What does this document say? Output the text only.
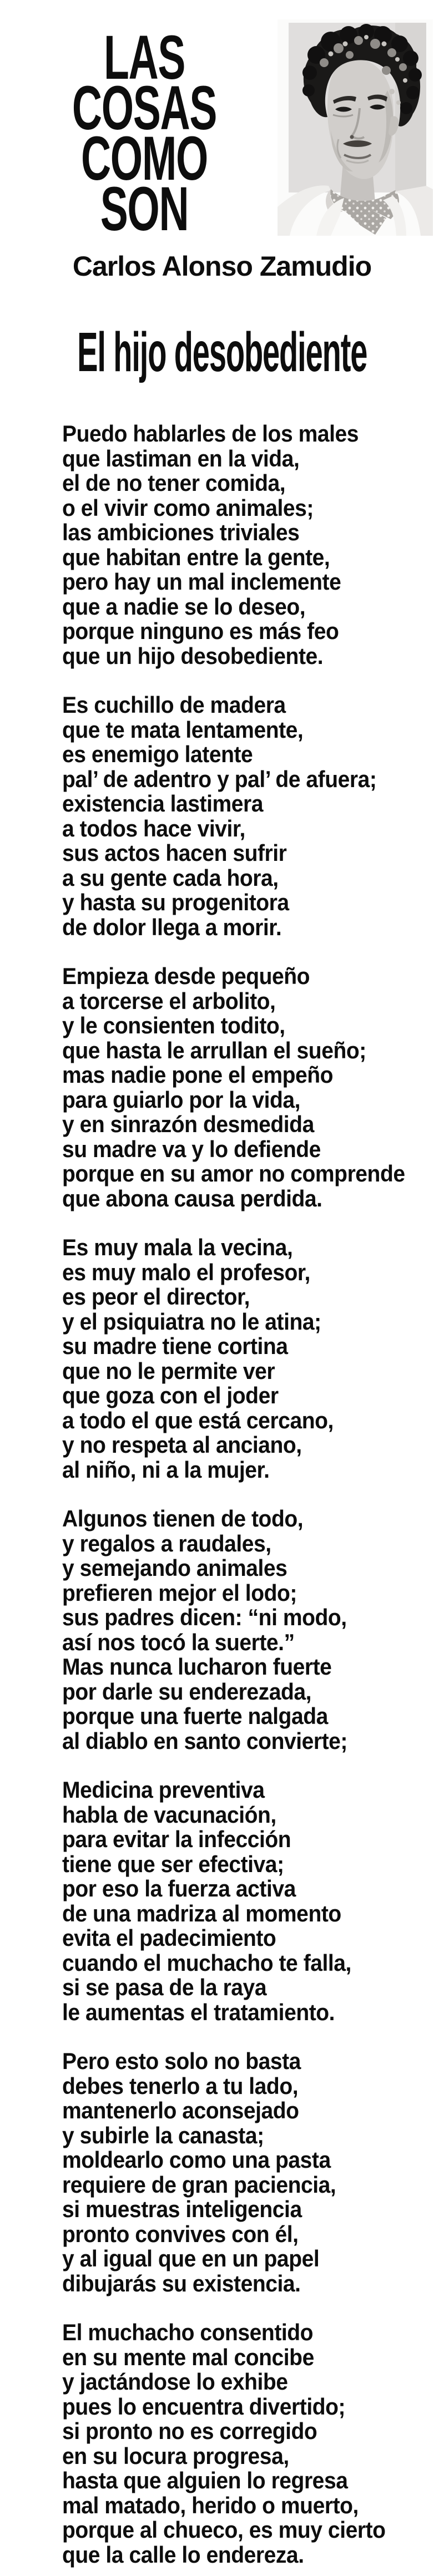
LAS
COSAS
COMO
SON
Carlos Alonso Zamudio
El hijo desobediente
Puedo hablarles de los males
que lastiman en la vida,
el de no tener comida,
o el vivir como animales;
las ambiciones triviales
que habitan entre la gente,
pero hay un mal inclemente
que a nadie se lo deseo,
porque ninguno es más feo
que un hijo desobediente.
Es cuchillo de madera
que te mata lentamente,
es enemigo latente
pal’ de adentro y pal’ de afuera;
existencia lastimera
a todos hace vivir,
sus actos hacen sufrir
a su gente cada hora,
y hasta su progenitora
de dolor llega a morir.
Empieza desde pequeño
a torcerse el arbolito,
y le consienten todito,
que hasta le arrullan el sueño;
mas nadie pone el empeño
para guiarlo por la vida,
y en sinrazón desmedida
su madre va y lo defiende
porque en su amor no comprende
que abona causa perdida.
Es muy mala la vecina,
es muy malo el profesor,
es peor el director,
y el psiquiatra no le atina;
su madre tiene cortina
que no le permite ver
que goza con el joder
a todo el que está cercano,
y no respeta al anciano,
al niño, ni a la mujer.
Algunos tienen de todo,
y regalos a raudales,
y semejando animales
prefieren mejor el lodo;
sus padres dicen: “ni modo,
así nos tocó la suerte.”
Mas nunca lucharon fuerte
por darle su enderezada,
porque una fuerte nalgada
al diablo en santo convierte;
Medicina preventiva
habla de vacunación,
para evitar la infección
tiene que ser efectiva;
por eso la fuerza activa
de una madriza al momento
evita el padecimiento
cuando el muchacho te falla,
si se pasa de la raya
le aumentas el tratamiento.
Pero esto solo no basta
debes tenerlo a tu lado,
mantenerlo aconsejado
y subirle la canasta;
moldearlo como una pasta
requiere de gran paciencia,
si muestras inteligencia
pronto convives con él,
y al igual que en un papel
dibujarás su existencia.
El muchacho consentido
en su mente mal concibe
y jactándose lo exhibe
pues lo encuentra divertido;
si pronto no es corregido
en su locura progresa,
hasta que alguien lo regresa
mal matado, herido o muerto,
porque al chueco, es muy cierto
que la calle lo endereza.
